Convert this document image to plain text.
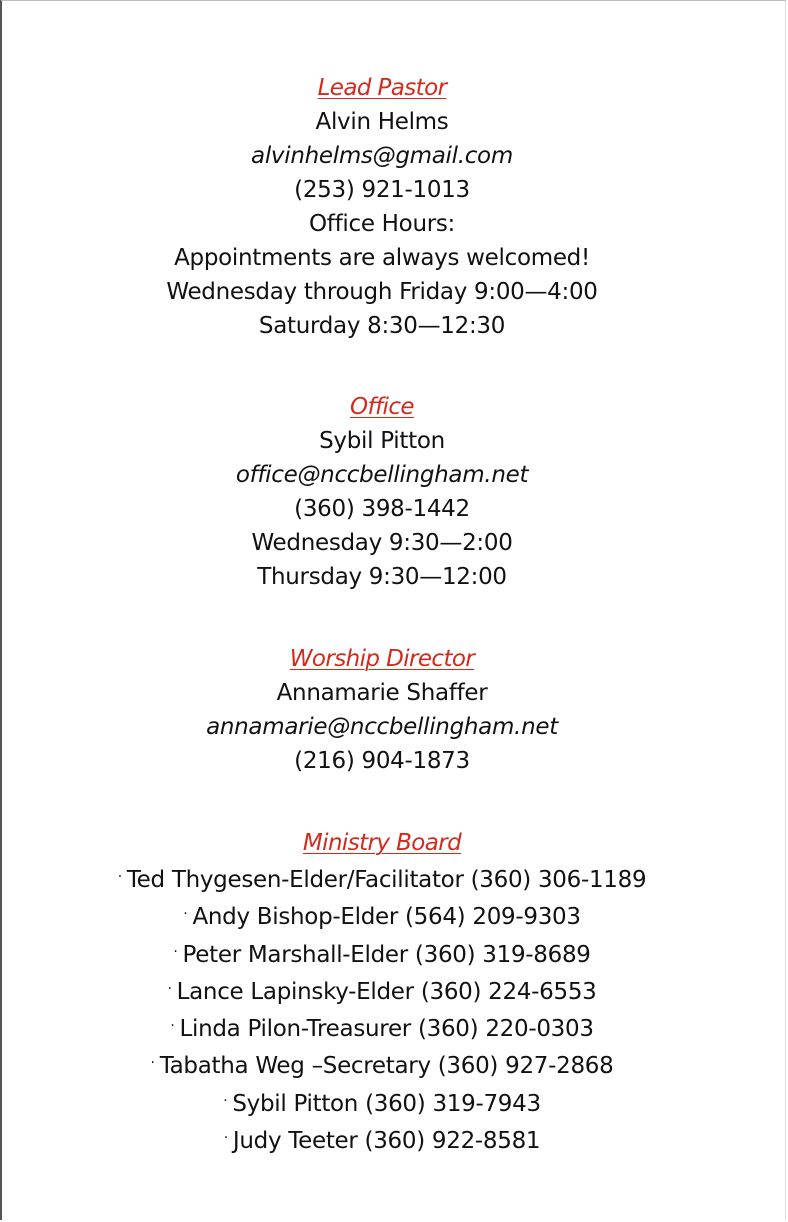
Lead Pastor
Alvin Helms
alvinhelms@gmail.com
(253) 921-1013
Office Hours:
Appointments are always welcomed!
Wednesday through Friday 9:00—4:00
Saturday 8:30—12:30
Office
Sybil Pitton
office@nccbellingham.net
(360) 398-1442
Wednesday 9:30—2:00
Thursday 9:30—12:00
Worship Director
Annamarie Shaffer
annamarie@nccbellingham.net
(216) 904-1873
Ministry Board
· Ted Thygesen-Elder/Facilitator (360) 306-1189
· Andy Bishop-Elder (564) 209-9303
· Peter Marshall-Elder (360) 319-8689
· Lance Lapinsky-Elder (360) 224-6553
· Linda Pilon-Treasurer (360) 220-0303
· Tabatha Weg –Secretary (360) 927-2868
· Sybil Pitton (360) 319-7943
· Judy Teeter (360) 922-8581
